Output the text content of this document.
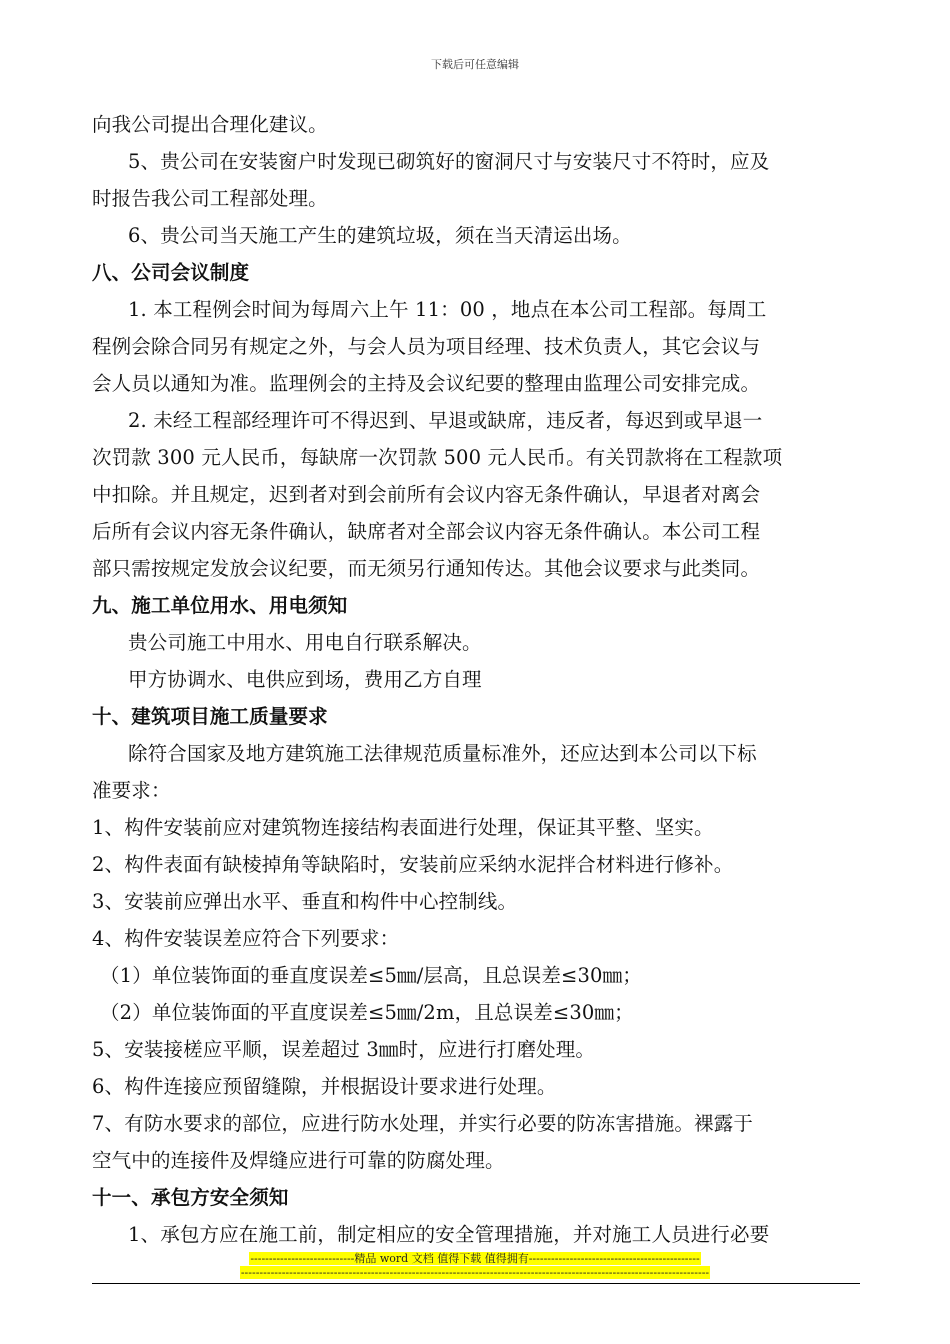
下载后可任意编辑
向我公司提出合理化建议。
5、贵公司在安装窗户时发现已砌筑好的窗洞尺寸与安装尺寸不符时，应及
时报告我公司工程部处理。
6、贵公司当天施工产生的建筑垃圾，须在当天清运出场。
八、公司会议制度
1. 本工程例会时间为每周六上午 11：00 ，地点在本公司工程部。每周工
程例会除合同另有规定之外，与会人员为项目经理、技术负责人，其它会议与
会人员以通知为准。监理例会的主持及会议纪要的整理由监理公司安排完成。
2. 未经工程部经理许可不得迟到、早退或缺席，违反者，每迟到或早退一
次罚款 300 元人民币，每缺席一次罚款 500 元人民币。有关罚款将在工程款项
中扣除。并且规定，迟到者对到会前所有会议内容无条件确认，早退者对离会
后所有会议内容无条件确认，缺席者对全部会议内容无条件确认。本公司工程
部只需按规定发放会议纪要，而无须另行通知传达。其他会议要求与此类同。
九、施工单位用水、用电须知
贵公司施工中用水、用电自行联系解决。
甲方协调水、电供应到场，费用乙方自理
十、建筑项目施工质量要求
除符合国家及地方建筑施工法律规范质量标准外，还应达到本公司以下标
准要求：
1、构件安装前应对建筑物连接结构表面进行处理，保证其平整、坚实。
2、构件表面有缺棱掉角等缺陷时，安装前应采纳水泥拌合材料进行修补。
3、安装前应弹出水平、垂直和构件中心控制线。
4、构件安装误差应符合下列要求：
（1）单位装饰面的垂直度误差≤5㎜/层高，且总误差≤30㎜；
（2）单位装饰面的平直度误差≤5㎜/2m，且总误差≤30㎜；
5、安装接槎应平顺，误差超过 3㎜时，应进行打磨处理。
6、构件连接应预留缝隙，并根据设计要求进行处理。
7、有防水要求的部位，应进行防水处理，并实行必要的防冻害措施。裸露于
空气中的连接件及焊缝应进行可靠的防腐处理。
十一、承包方安全须知
1、承包方应在施工前，制定相应的安全管理措施，并对施工人员进行必要
----------------------------精品 word 文档 值得下载 值得拥有----------------------------------------------
------------------------------------------------------------------------------------------------------------------------------
